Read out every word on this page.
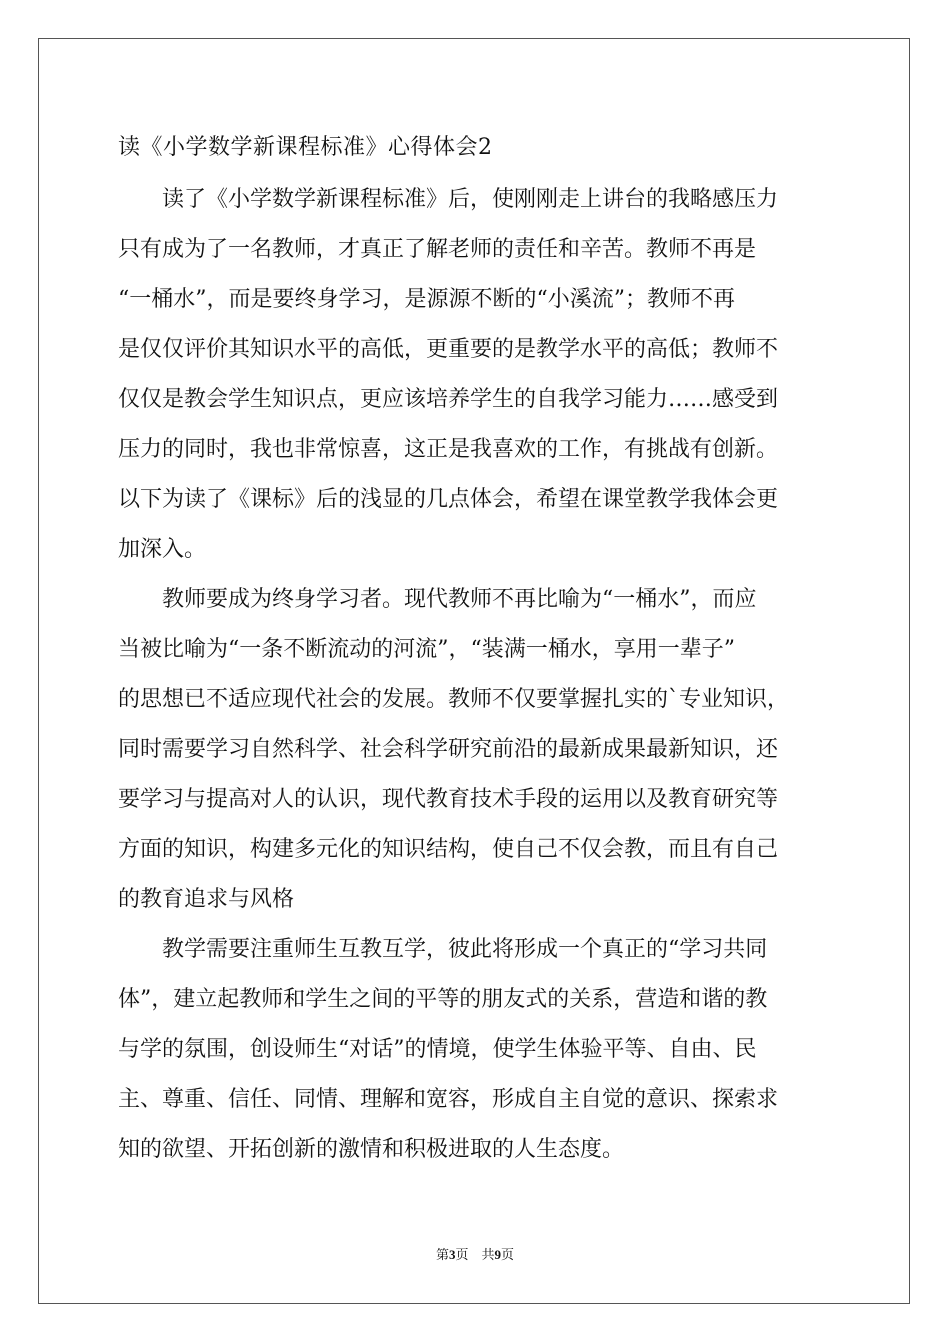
读《小学数学新课程标准》心得体会2
读了《小学数学新课程标准》后，使刚刚走上讲台的我略感压力
只有成为了一名教师，才真正了解老师的责任和辛苦。教师不再是
“一桶水”，而是要终身学习，是源源不断的“小溪流”；教师不再
是仅仅评价其知识水平的高低，更重要的是教学水平的高低；教师不
仅仅是教会学生知识点，更应该培养学生的自我学习能力……感受到
压力的同时，我也非常惊喜，这正是我喜欢的工作，有挑战有创新。
以下为读了《课标》后的浅显的几点体会，希望在课堂教学我体会更
加深入。
教师要成为终身学习者。现代教师不再比喻为“一桶水”，而应
当被比喻为“一条不断流动的河流”，“装满一桶水，享用一辈子”
的思想已不适应现代社会的发展。教师不仅要掌握扎实的`专业知识，
同时需要学习自然科学、社会科学研究前沿的最新成果最新知识，还
要学习与提高对人的认识，现代教育技术手段的运用以及教育研究等
方面的知识，构建多元化的知识结构，使自己不仅会教，而且有自己
的教育追求与风格
教学需要注重师生互教互学，彼此将形成一个真正的“学习共同
体”，建立起教师和学生之间的平等的朋友式的关系，营造和谐的教
与学的氛围，创设师生“对话”的情境，使学生体验平等、自由、民
主、尊重、信任、同情、理解和宽容，形成自主自觉的意识、探索求
知的欲望、开拓创新的激情和积极进取的人生态度。
第3页 共9页
